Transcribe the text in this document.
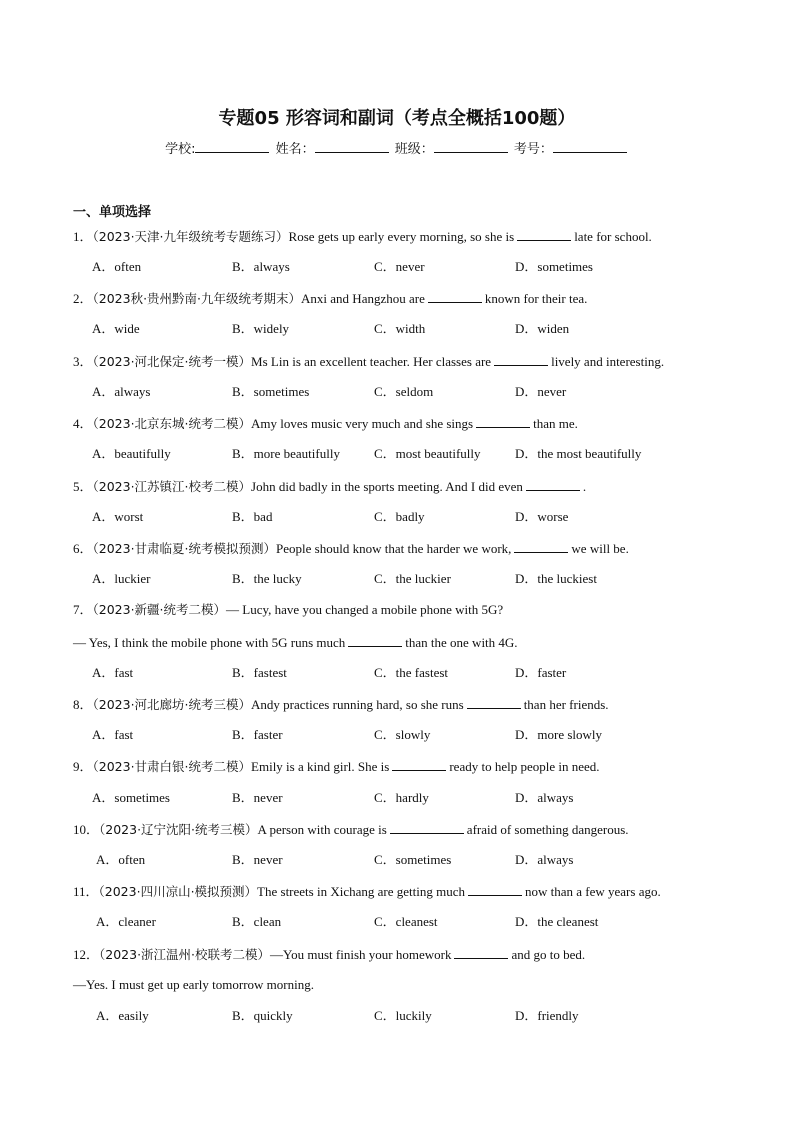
专题05 形容词和副词（考点全概括100题）
学校:	姓名：	班级：	考号：
一、单项选择
1．（2023·天津·九年级统考专题练习）Rose gets up early every morning, so she is	late for school.
A．often	B．always	C．never	D．sometimes
2．（2023秋·贵州黔南·九年级统考期末）Anxi and Hangzhou are	known for their tea.
A．wide	B．widely	C．width	D．widen
3．（2023·河北保定·统考一模）Ms Lin is an excellent teacher. Her classes are	lively and interesting.
A．always	B．sometimes	C．seldom	D．never
4．（2023·北京东城·统考二模）Amy loves music very much and she sings	than me.
A．beautifully	B．more beautifully	C．most beautifully	D．the most beautifully
5．（2023·江苏镇江·校考二模）John did badly in the sports meeting. And I did even	.
A．worst	B．bad	C．badly	D．worse
6．（2023·甘肃临夏·统考模拟预测）People should know that the harder we work,	we will be.
A．luckier	B．the lucky	C．the luckier	D．the luckiest
7．（2023·新疆·统考二模）— Lucy, have you changed a mobile phone with 5G?
— Yes, I think the mobile phone with 5G runs much	than the one with 4G.
A．fast	B．fastest	C．the fastest	D．faster
8．（2023·河北廊坊·统考三模）Andy practices running hard, so she runs	than her friends.
A．fast	B．faster	C．slowly	D．more slowly
9．（2023·甘肃白银·统考二模）Emily is a kind girl. She is	ready to help people in need.
A．sometimes	B．never	C．hardly	D．always
10．（2023·辽宁沈阳·统考三模）A person with courage is	afraid of something dangerous.
A．often	B．never	C．sometimes	D．always
11．（2023·四川凉山·模拟预测）The streets in Xichang are getting much	now than a few years ago.
A．cleaner	B．clean	C．cleanest	D．the cleanest
12．（2023·浙江温州·校联考二模）—You must finish your homework	and go to bed.
—Yes. I must get up early tomorrow morning.
A．easily	B．quickly	C．luckily	D．friendly
